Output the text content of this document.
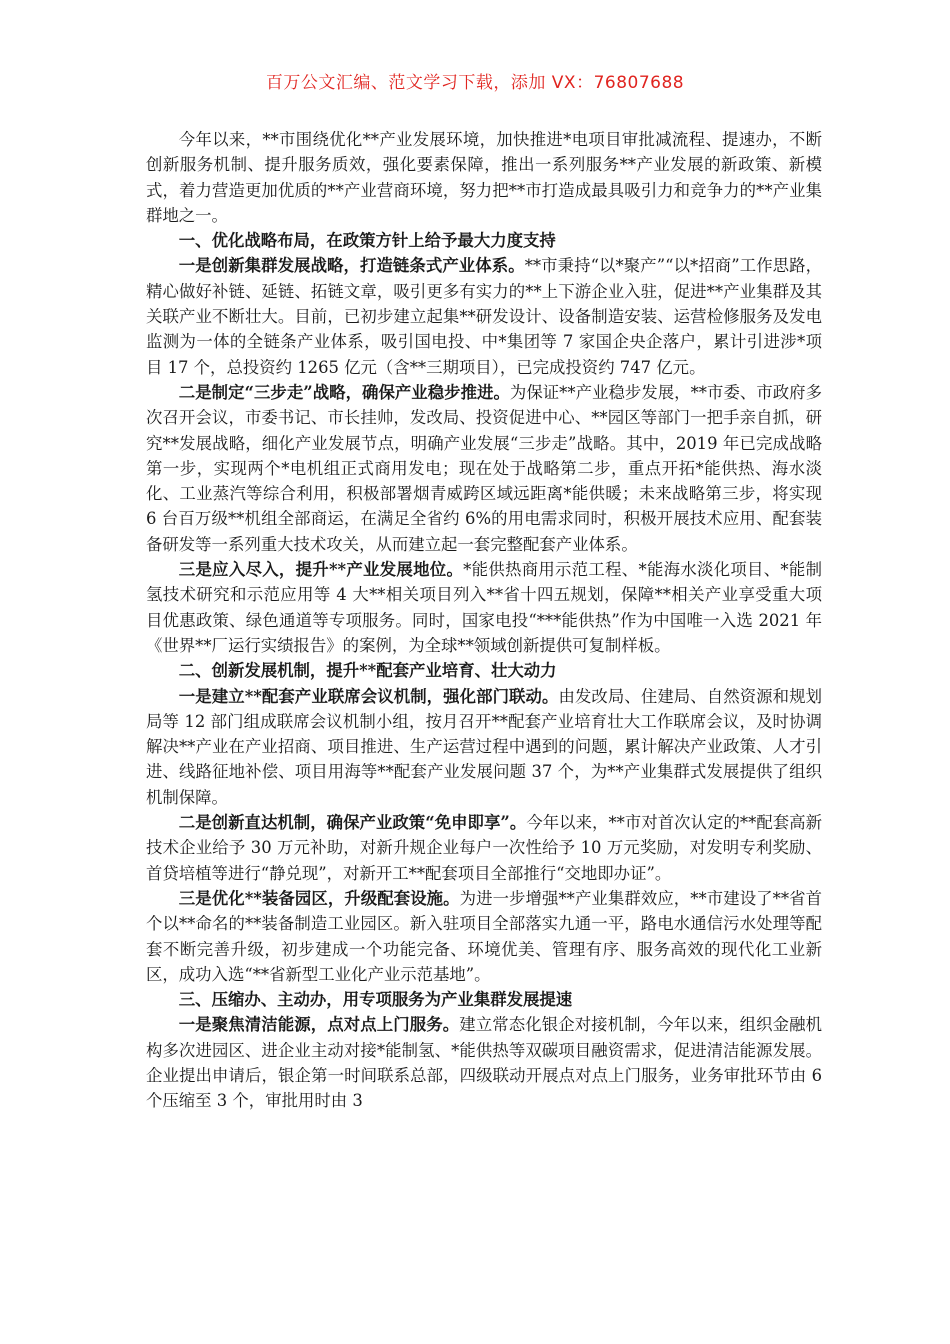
百万公文汇编、范文学习下载，添加 VX：76807688

今年以来，**市围绕优化**产业发展环境，加快推进*电项目审批减流程、提速办，不断创新服务机制、提升服务质效，强化要素保障，推出一系列服务**产业发展的新政策、新模式，着力营造更加优质的**产业营商环境，努力把**市打造成最具吸引力和竞争力的**产业集群地之一。

一、优化战略布局，在政策方针上给予最大力度支持

一是创新集群发展战略，打造链条式产业体系。**市秉持“以*聚产”“以*招商”工作思路，精心做好补链、延链、拓链文章，吸引更多有实力的**上下游企业入驻，促进**产业集群及其关联产业不断壮大。目前，已初步建立起集**研发设计、设备制造安装、运营检修服务及发电监测为一体的全链条产业体系，吸引国电投、中*集团等 7 家国企央企落户，累计引进涉*项目 17 个，总投资约 1265 亿元（含**三期项目），已完成投资约 747 亿元。

二是制定“三步走”战略，确保产业稳步推进。为保证**产业稳步发展，**市委、市政府多次召开会议，市委书记、市长挂帅，发改局、投资促进中心、**园区等部门一把手亲自抓，研究**发展战略，细化产业发展节点，明确产业发展“三步走”战略。其中，2019 年已完成战略第一步，实现两个*电机组正式商用发电；现在处于战略第二步，重点开拓*能供热、海水淡化、工业蒸汽等综合利用，积极部署烟青威跨区域远距离*能供暖；未来战略第三步，将实现 6 台百万级**机组全部商运，在满足全省约 6%的用电需求同时，积极开展技术应用、配套装备研发等一系列重大技术攻关，从而建立起一套完整配套产业体系。

三是应入尽入，提升**产业发展地位。*能供热商用示范工程、*能海水淡化项目、*能制氢技术研究和示范应用等 4 大**相关项目列入**省十四五规划，保障**相关产业享受重大项目优惠政策、绿色通道等专项服务。同时，国家电投“***能供热”作为中国唯一入选 2021 年《世界**厂运行实绩报告》的案例，为全球**领域创新提供可复制样板。

二、创新发展机制，提升**配套产业培育、壮大动力

一是建立**配套产业联席会议机制，强化部门联动。由发改局、住建局、自然资源和规划局等 12 部门组成联席会议机制小组，按月召开**配套产业培育壮大工作联席会议，及时协调解决**产业在产业招商、项目推进、生产运营过程中遇到的问题，累计解决产业政策、人才引进、线路征地补偿、项目用海等**配套产业发展问题 37 个，为**产业集群式发展提供了组织机制保障。

二是创新直达机制，确保产业政策“免申即享”。今年以来，**市对首次认定的**配套高新技术企业给予 30 万元补助，对新升规企业每户一次性给予 10 万元奖励，对发明专利奖励、首贷培植等进行“静兑现”，对新开工**配套项目全部推行“交地即办证”。

三是优化**装备园区，升级配套设施。为进一步增强**产业集群效应，**市建设了**省首个以**命名的**装备制造工业园区。新入驻项目全部落实九通一平，路电水通信污水处理等配套不断完善升级，初步建成一个功能完备、环境优美、管理有序、服务高效的现代化工业新区，成功入选“**省新型工业化产业示范基地”。

三、压缩办、主动办，用专项服务为产业集群发展提速

一是聚焦清洁能源，点对点上门服务。建立常态化银企对接机制，今年以来，组织金融机构多次进园区、进企业主动对接*能制氢、*能供热等双碳项目融资需求，促进清洁能源发展。企业提出申请后，银企第一时间联系总部，四级联动开展点对点上门服务，业务审批环节由 6 个压缩至 3 个，审批用时由 3
